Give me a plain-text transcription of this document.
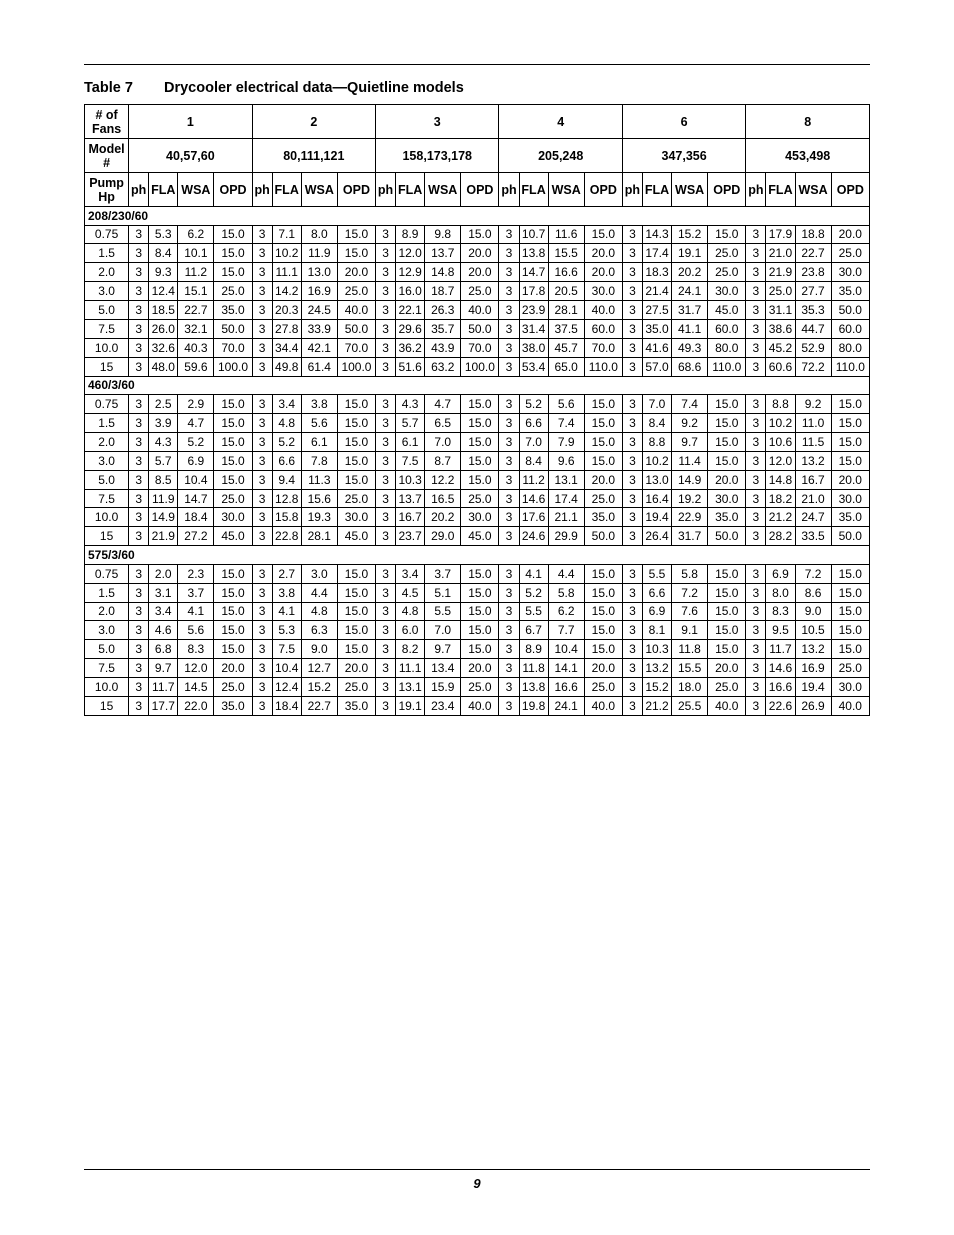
Table 7 Drycooler electrical data—Quietline models
# of
Fans	1				2				3				4				6				8			
Model
#	40,57,60				80,111,121				158,173,178				205,248				347,356				453,498			
Pump
Hp	ph	FLA	WSA	OPD	ph	FLA	WSA	OPD	ph	FLA	WSA	OPD	ph	FLA	WSA	OPD	ph	FLA	WSA	OPD	ph	FLA	WSA	OPD
208/230/60																								
0.75	3	5.3	6.2	15.0	3	7.1	8.0	15.0	3	8.9	9.8	15.0	3	10.7	11.6	15.0	3	14.3	15.2	15.0	3	17.9	18.8	20.0
1.5	3	8.4	10.1	15.0	3	10.2	11.9	15.0	3	12.0	13.7	20.0	3	13.8	15.5	20.0	3	17.4	19.1	25.0	3	21.0	22.7	25.0
2.0	3	9.3	11.2	15.0	3	11.1	13.0	20.0	3	12.9	14.8	20.0	3	14.7	16.6	20.0	3	18.3	20.2	25.0	3	21.9	23.8	30.0
3.0	3	12.4	15.1	25.0	3	14.2	16.9	25.0	3	16.0	18.7	25.0	3	17.8	20.5	30.0	3	21.4	24.1	30.0	3	25.0	27.7	35.0
5.0	3	18.5	22.7	35.0	3	20.3	24.5	40.0	3	22.1	26.3	40.0	3	23.9	28.1	40.0	3	27.5	31.7	45.0	3	31.1	35.3	50.0
7.5	3	26.0	32.1	50.0	3	27.8	33.9	50.0	3	29.6	35.7	50.0	3	31.4	37.5	60.0	3	35.0	41.1	60.0	3	38.6	44.7	60.0
10.0	3	32.6	40.3	70.0	3	34.4	42.1	70.0	3	36.2	43.9	70.0	3	38.0	45.7	70.0	3	41.6	49.3	80.0	3	45.2	52.9	80.0
15	3	48.0	59.6	100.0	3	49.8	61.4	100.0	3	51.6	63.2	100.0	3	53.4	65.0	110.0	3	57.0	68.6	110.0	3	60.6	72.2	110.0
460/3/60																								
0.75	3	2.5	2.9	15.0	3	3.4	3.8	15.0	3	4.3	4.7	15.0	3	5.2	5.6	15.0	3	7.0	7.4	15.0	3	8.8	9.2	15.0
1.5	3	3.9	4.7	15.0	3	4.8	5.6	15.0	3	5.7	6.5	15.0	3	6.6	7.4	15.0	3	8.4	9.2	15.0	3	10.2	11.0	15.0
2.0	3	4.3	5.2	15.0	3	5.2	6.1	15.0	3	6.1	7.0	15.0	3	7.0	7.9	15.0	3	8.8	9.7	15.0	3	10.6	11.5	15.0
3.0	3	5.7	6.9	15.0	3	6.6	7.8	15.0	3	7.5	8.7	15.0	3	8.4	9.6	15.0	3	10.2	11.4	15.0	3	12.0	13.2	15.0
5.0	3	8.5	10.4	15.0	3	9.4	11.3	15.0	3	10.3	12.2	15.0	3	11.2	13.1	20.0	3	13.0	14.9	20.0	3	14.8	16.7	20.0
7.5	3	11.9	14.7	25.0	3	12.8	15.6	25.0	3	13.7	16.5	25.0	3	14.6	17.4	25.0	3	16.4	19.2	30.0	3	18.2	21.0	30.0
10.0	3	14.9	18.4	30.0	3	15.8	19.3	30.0	3	16.7	20.2	30.0	3	17.6	21.1	35.0	3	19.4	22.9	35.0	3	21.2	24.7	35.0
15	3	21.9	27.2	45.0	3	22.8	28.1	45.0	3	23.7	29.0	45.0	3	24.6	29.9	50.0	3	26.4	31.7	50.0	3	28.2	33.5	50.0
575/3/60																								
0.75	3	2.0	2.3	15.0	3	2.7	3.0	15.0	3	3.4	3.7	15.0	3	4.1	4.4	15.0	3	5.5	5.8	15.0	3	6.9	7.2	15.0
1.5	3	3.1	3.7	15.0	3	3.8	4.4	15.0	3	4.5	5.1	15.0	3	5.2	5.8	15.0	3	6.6	7.2	15.0	3	8.0	8.6	15.0
2.0	3	3.4	4.1	15.0	3	4.1	4.8	15.0	3	4.8	5.5	15.0	3	5.5	6.2	15.0	3	6.9	7.6	15.0	3	8.3	9.0	15.0
3.0	3	4.6	5.6	15.0	3	5.3	6.3	15.0	3	6.0	7.0	15.0	3	6.7	7.7	15.0	3	8.1	9.1	15.0	3	9.5	10.5	15.0
5.0	3	6.8	8.3	15.0	3	7.5	9.0	15.0	3	8.2	9.7	15.0	3	8.9	10.4	15.0	3	10.3	11.8	15.0	3	11.7	13.2	15.0
7.5	3	9.7	12.0	20.0	3	10.4	12.7	20.0	3	11.1	13.4	20.0	3	11.8	14.1	20.0	3	13.2	15.5	20.0	3	14.6	16.9	25.0
10.0	3	11.7	14.5	25.0	3	12.4	15.2	25.0	3	13.1	15.9	25.0	3	13.8	16.6	25.0	3	15.2	18.0	25.0	3	16.6	19.4	30.0
15	3	17.7	22.0	35.0	3	18.4	22.7	35.0	3	19.1	23.4	40.0	3	19.8	24.1	40.0	3	21.2	25.5	40.0	3	22.6	26.9	40.0
9
